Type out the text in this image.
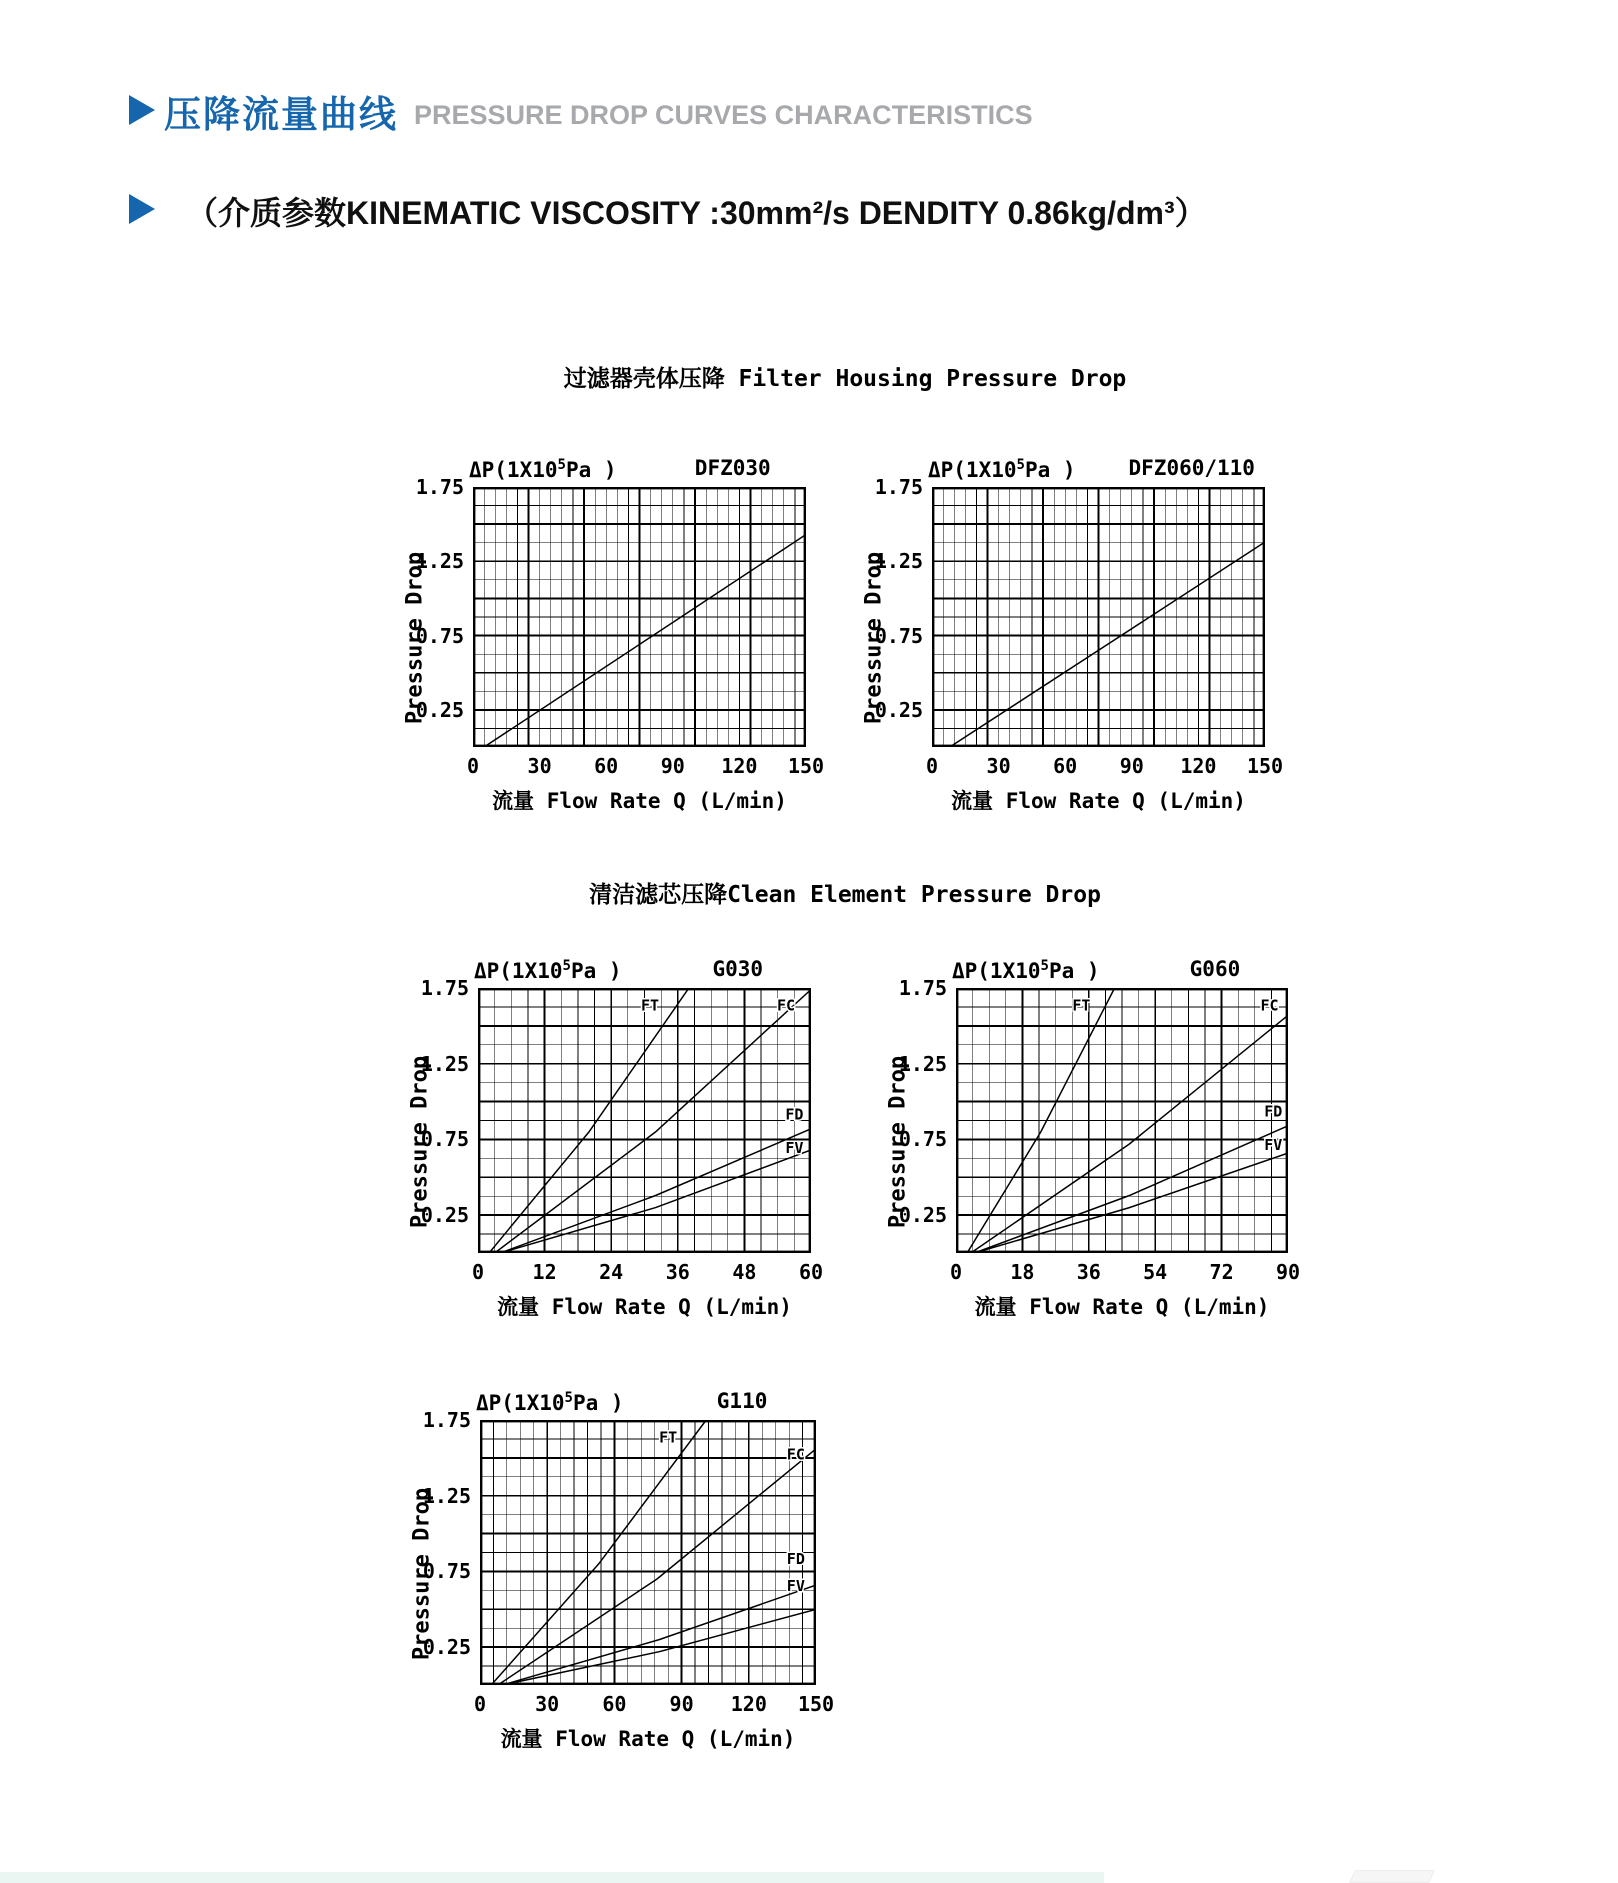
压降流量曲线 PRESSURE DROP CURVES CHARACTERISTICS
（介质参数KINEMATIC VISCOSITY :30mm²/s DENDITY 0.86kg/dm³）
过滤器壳体压降 Filter Housing Pressure Drop
清洁滤芯压降Clean Element Pressure Drop
$\Delta P(1X10^5Pa$ )	DFZ030
流量 Flow Rate Q (L/min)
Pressure Drop
1.75
1.25
0.75
0.25
0 30 60 90 120 150
$\Delta P(1X10^5Pa$ )	DFZ060/110
流量 Flow Rate Q (L/min)
Pressure Drop
1.75
1.25
0.75
0.25
0 30 60 90 120 150
$\Delta P(1X10^5Pa$ )	G030
流量 Flow Rate Q (L/min)
Pressure Drop
1.75
1.25
0.75
0.25
0 12 24 36 48 60
FT	FC
FD
FV
$\Delta P(1X10^5Pa$ )	G060
流量 Flow Rate Q (L/min)
Pressure Drop
1.75
1.25
0.75
0.25
0 18 36 54 72 90
FT	FC
FD
FV
$\Delta P(1X10^5Pa$ )	G110
流量 Flow Rate Q (L/min)
Pressure Drop
1.75
1.25
0.75
0.25
0 30 60 90 120 150
FT
FC
FD
FV
